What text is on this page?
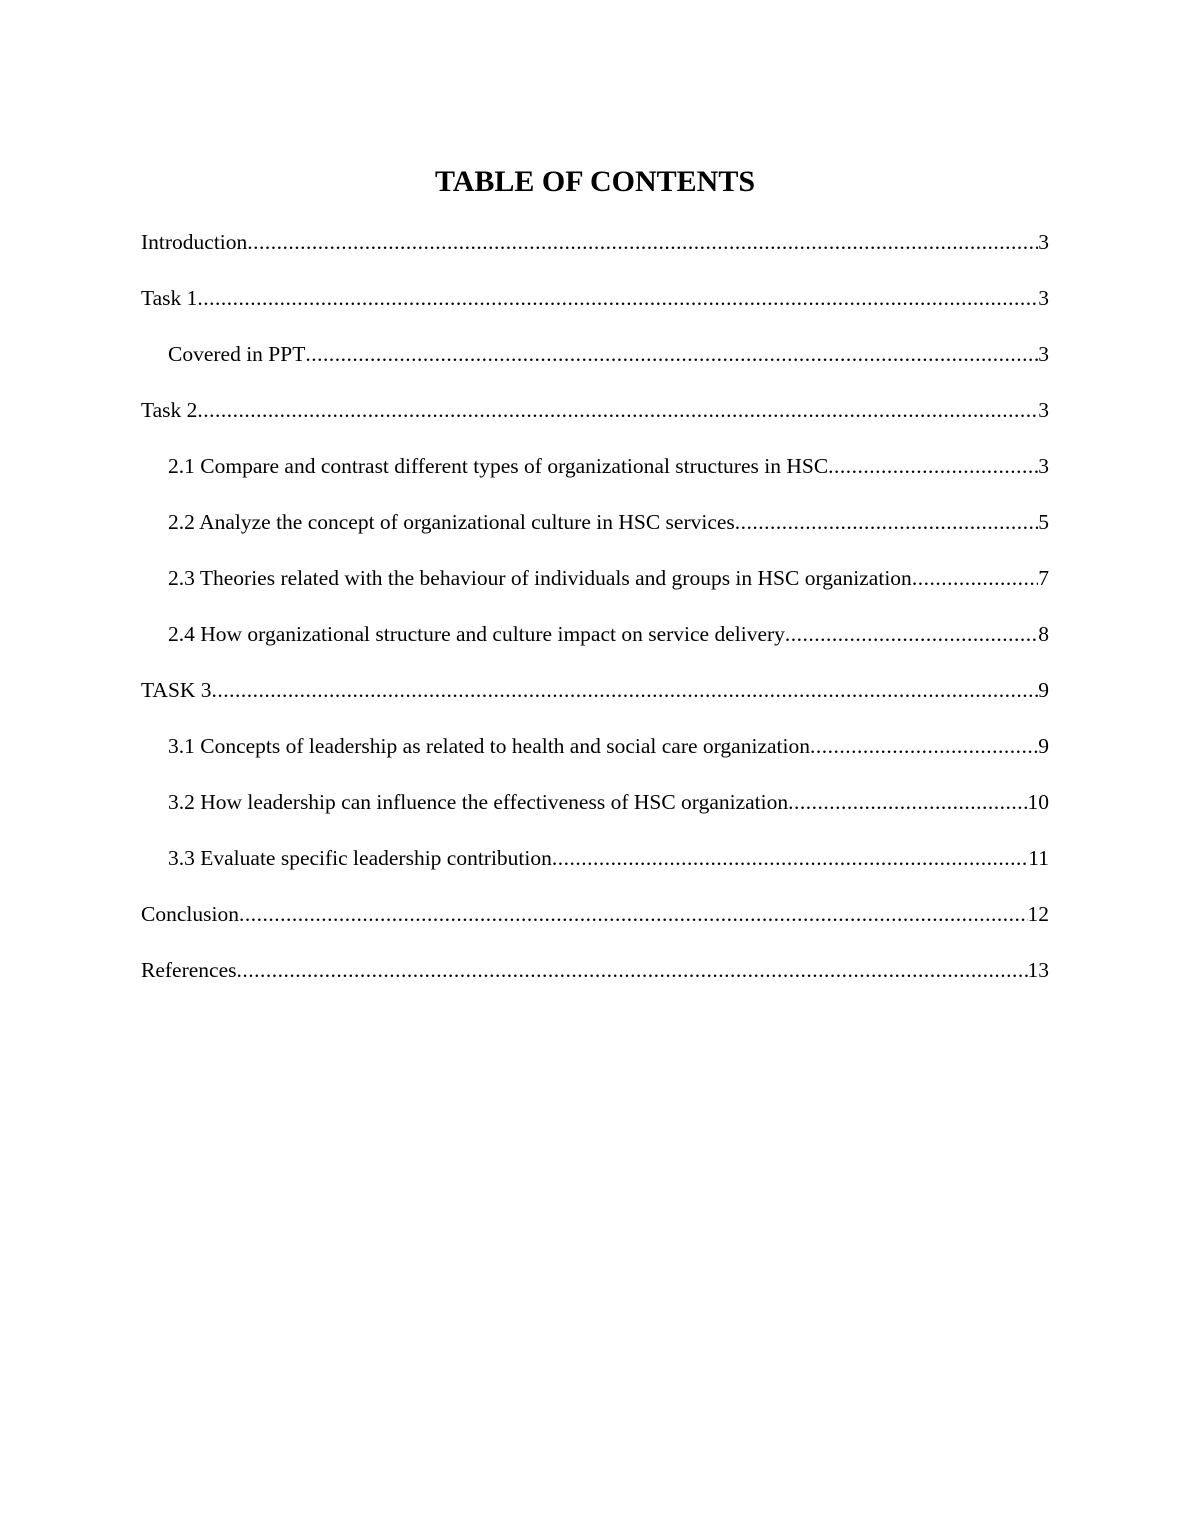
TABLE OF CONTENTS
Introduction .....	3
Task 1 .....	3
Covered in PPT .....	3
Task 2 .....	3
2.1 Compare and contrast different types of organizational structures in HSC .....	3
2.2 Analyze the concept of organizational culture in HSC services .....	5
2.3 Theories related with the behaviour of individuals and groups in HSC organization .....	7
2.4 How organizational structure and culture impact on service delivery .....	8
TASK 3 .....	9
3.1 Concepts of leadership as related to health and social care organization .....	9
3.2 How leadership can influence the effectiveness of HSC organization .....	10
3.3 Evaluate specific leadership contribution .....	11
Conclusion .....	12
References .....	13
